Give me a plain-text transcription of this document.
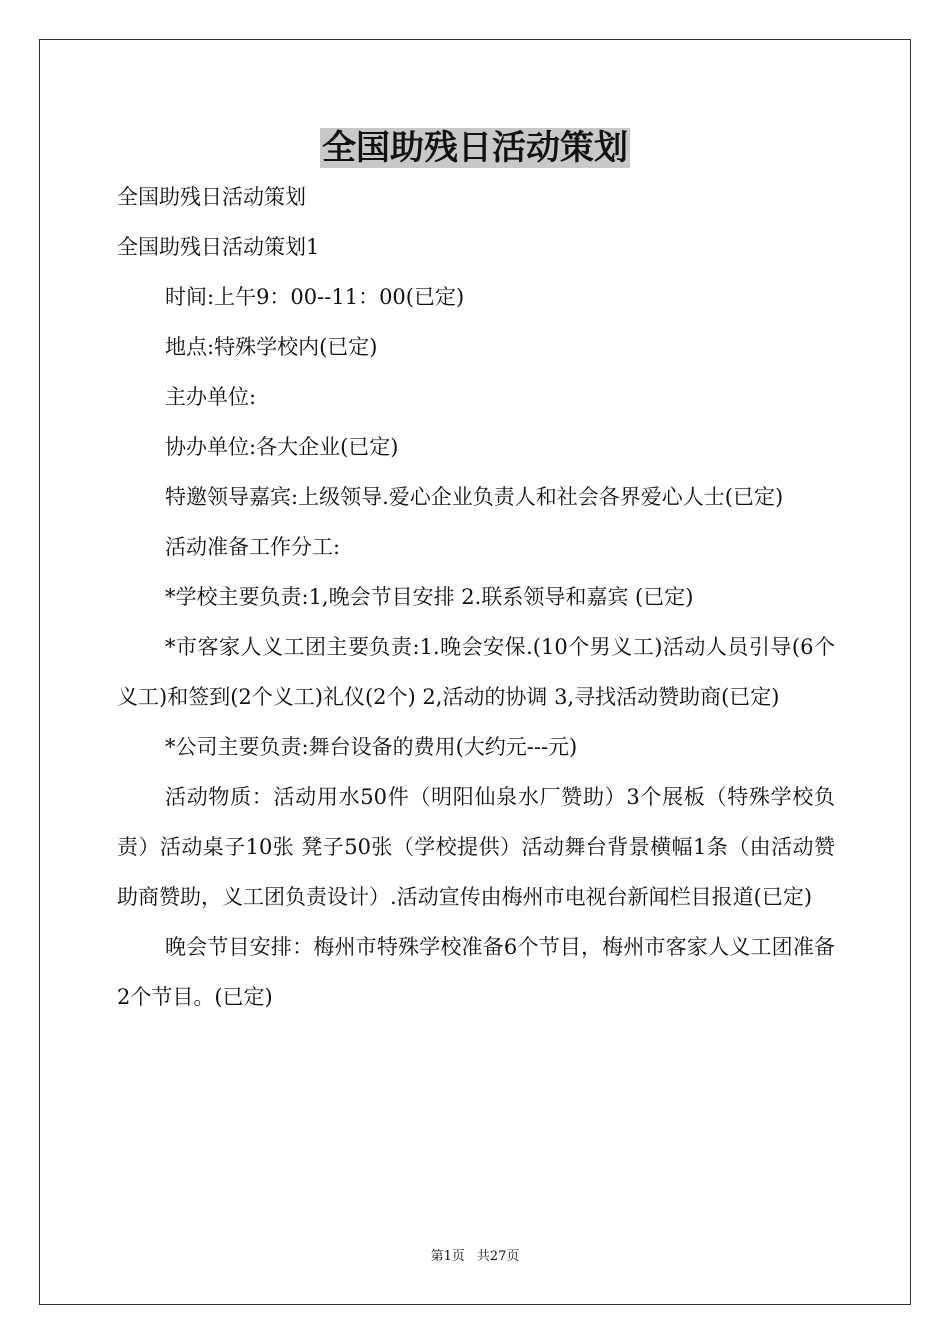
全国助残日活动策划

全国助残日活动策划

全国助残日活动策划1

时间:上午9：00--11：00(已定)

地点:特殊学校内(已定)

主办单位:

协办单位:各大企业(已定)

特邀领导嘉宾:上级领导.爱心企业负责人和社会各界爱心人士(已定)

活动准备工作分工:

*学校主要负责:1,晚会节目安排 2.联系领导和嘉宾 (已定)

*市客家人义工团主要负责:1.晚会安保.(10个男义工)活动人员引导(6个义工)和签到(2个义工)礼仪(2个) 2,活动的协调 3,寻找活动赞助商(已定)

*公司主要负责:舞台设备的费用(大约元---元)

活动物质：活动用水50件（明阳仙泉水厂赞助）3个展板（特殊学校负责）活动桌子10张 凳子50张（学校提供）活动舞台背景横幅1条（由活动赞助商赞助，义工团负责设计）.活动宣传由梅州市电视台新闻栏目报道(已定)

晚会节目安排：梅州市特殊学校准备6个节目，梅州市客家人义工团准备2个节目。(已定)

第1页 共27页
